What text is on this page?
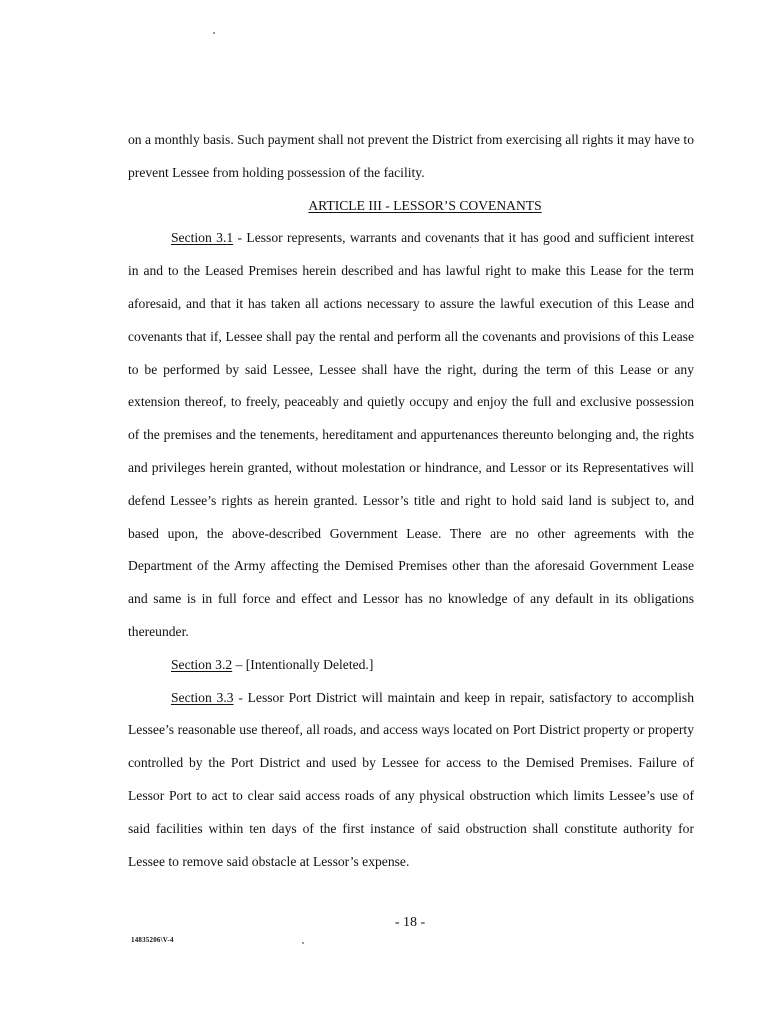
on a monthly basis. Such payment shall not prevent the District from exercising all rights it may have to prevent Lessee from holding possession of the facility.

ARTICLE III - LESSOR’S COVENANTS

Section 3.1 - Lessor represents, warrants and covenants that it has good and sufficient interest in and to the Leased Premises herein described and has lawful right to make this Lease for the term aforesaid, and that it has taken all actions necessary to assure the lawful execution of this Lease and covenants that if, Lessee shall pay the rental and perform all the covenants and provisions of this Lease to be performed by said Lessee, Lessee shall have the right, during the term of this Lease or any extension thereof, to freely, peaceably and quietly occupy and enjoy the full and exclusive possession of the premises and the tenements, hereditament and appurtenances thereunto belonging and, the rights and privileges herein granted, without molestation or hindrance, and Lessor or its Representatives will defend Lessee’s rights as herein granted. Lessor’s title and right to hold said land is subject to, and based upon, the above-described Government Lease. There are no other agreements with the Department of the Army affecting the Demised Premises other than the aforesaid Government Lease and same is in full force and effect and Lessor has no knowledge of any default in its obligations thereunder.

Section 3.2 – [Intentionally Deleted.]

Section 3.3 - Lessor Port District will maintain and keep in repair, satisfactory to accomplish Lessee’s reasonable use thereof, all roads, and access ways located on Port District property or property controlled by the Port District and used by Lessee for access to the Demised Premises. Failure of Lessor Port to act to clear said access roads of any physical obstruction which limits Lessee’s use of said facilities within ten days of the first instance of said obstruction shall constitute authority for Lessee to remove said obstacle at Lessor’s expense.

- 18 -
14835206\V-4
